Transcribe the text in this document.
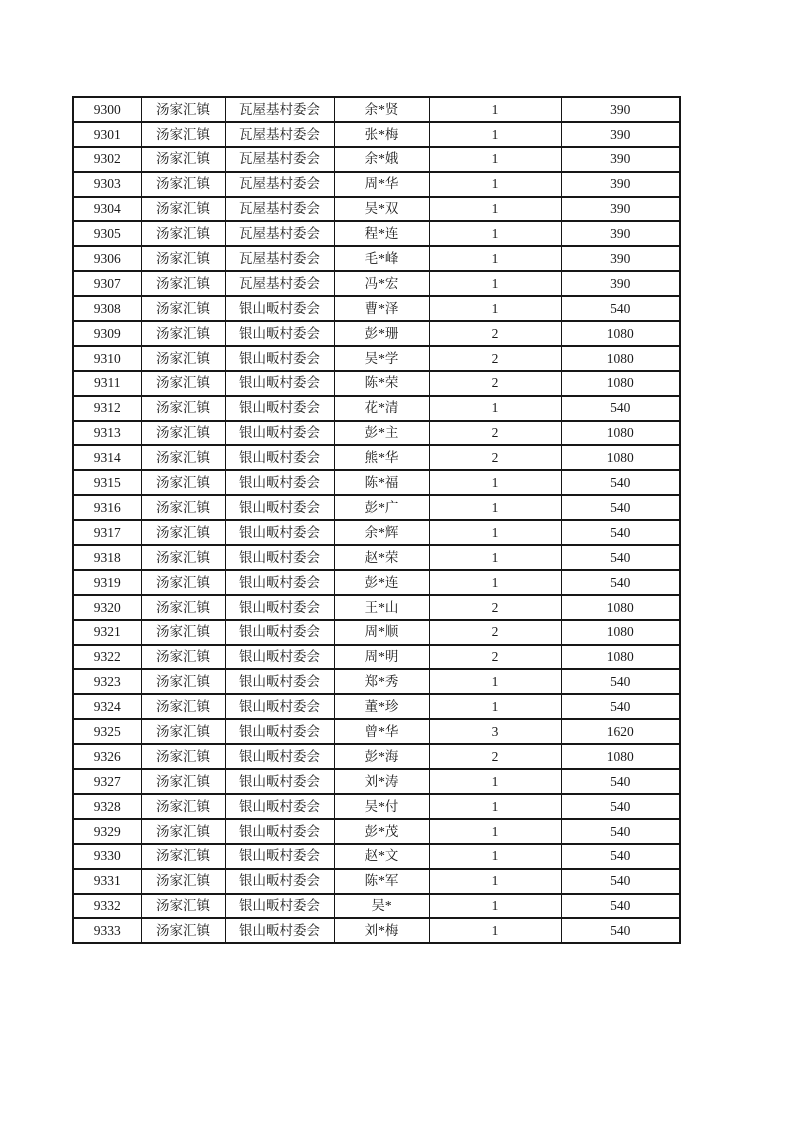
9300	汤家汇镇	瓦屋基村委会	余*贤	1	390
9301	汤家汇镇	瓦屋基村委会	张*梅	1	390
9302	汤家汇镇	瓦屋基村委会	余*娥	1	390
9303	汤家汇镇	瓦屋基村委会	周*华	1	390
9304	汤家汇镇	瓦屋基村委会	吴*双	1	390
9305	汤家汇镇	瓦屋基村委会	程*连	1	390
9306	汤家汇镇	瓦屋基村委会	毛*峰	1	390
9307	汤家汇镇	瓦屋基村委会	冯*宏	1	390
9308	汤家汇镇	银山畈村委会	曹*泽	1	540
9309	汤家汇镇	银山畈村委会	彭*珊	2	1080
9310	汤家汇镇	银山畈村委会	吴*学	2	1080
9311	汤家汇镇	银山畈村委会	陈*荣	2	1080
9312	汤家汇镇	银山畈村委会	花*清	1	540
9313	汤家汇镇	银山畈村委会	彭*主	2	1080
9314	汤家汇镇	银山畈村委会	熊*华	2	1080
9315	汤家汇镇	银山畈村委会	陈*福	1	540
9316	汤家汇镇	银山畈村委会	彭*广	1	540
9317	汤家汇镇	银山畈村委会	余*辉	1	540
9318	汤家汇镇	银山畈村委会	赵*荣	1	540
9319	汤家汇镇	银山畈村委会	彭*连	1	540
9320	汤家汇镇	银山畈村委会	王*山	2	1080
9321	汤家汇镇	银山畈村委会	周*顺	2	1080
9322	汤家汇镇	银山畈村委会	周*明	2	1080
9323	汤家汇镇	银山畈村委会	郑*秀	1	540
9324	汤家汇镇	银山畈村委会	董*珍	1	540
9325	汤家汇镇	银山畈村委会	曾*华	3	1620
9326	汤家汇镇	银山畈村委会	彭*海	2	1080
9327	汤家汇镇	银山畈村委会	刘*涛	1	540
9328	汤家汇镇	银山畈村委会	吴*付	1	540
9329	汤家汇镇	银山畈村委会	彭*茂	1	540
9330	汤家汇镇	银山畈村委会	赵*文	1	540
9331	汤家汇镇	银山畈村委会	陈*军	1	540
9332	汤家汇镇	银山畈村委会	吴*	1	540
9333	汤家汇镇	银山畈村委会	刘*梅	1	540
